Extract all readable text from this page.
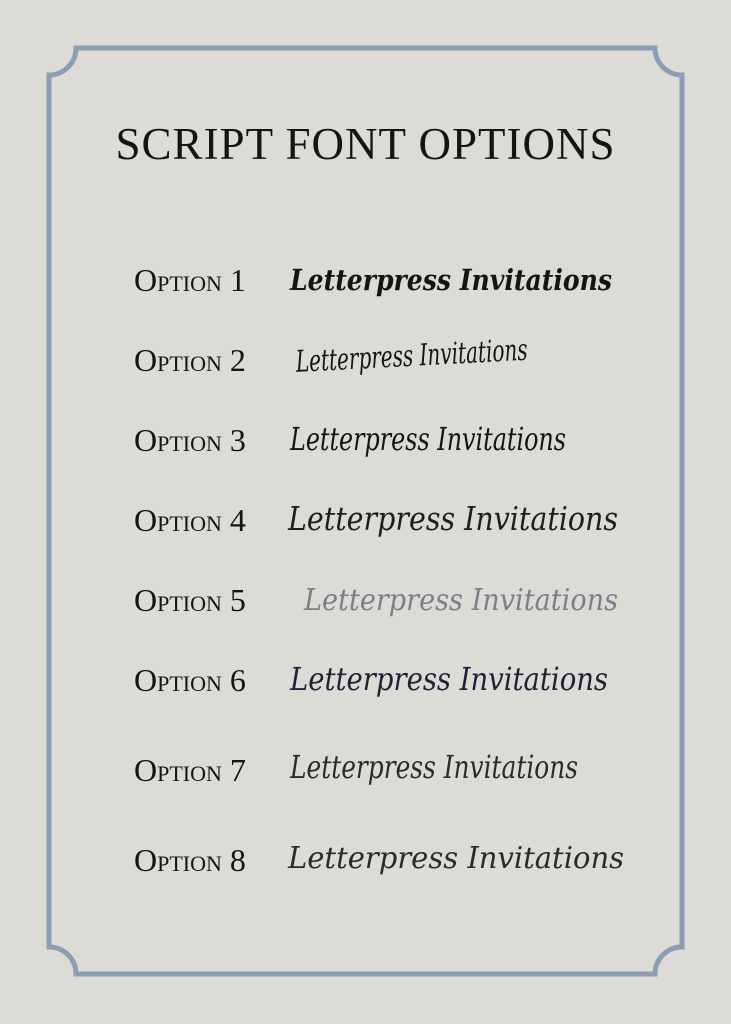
SCRIPT FONT OPTIONS
Option 1 Letterpress Invitations
Option 2 Letterpress Invitations
Option 3 Letterpress Invitations
Option 4 Letterpress Invitations
Option 5 Letterpress Invitations
Option 6 Letterpress Invitations
Option 7 Letterpress Invitations
Option 8 Letterpress Invitations
